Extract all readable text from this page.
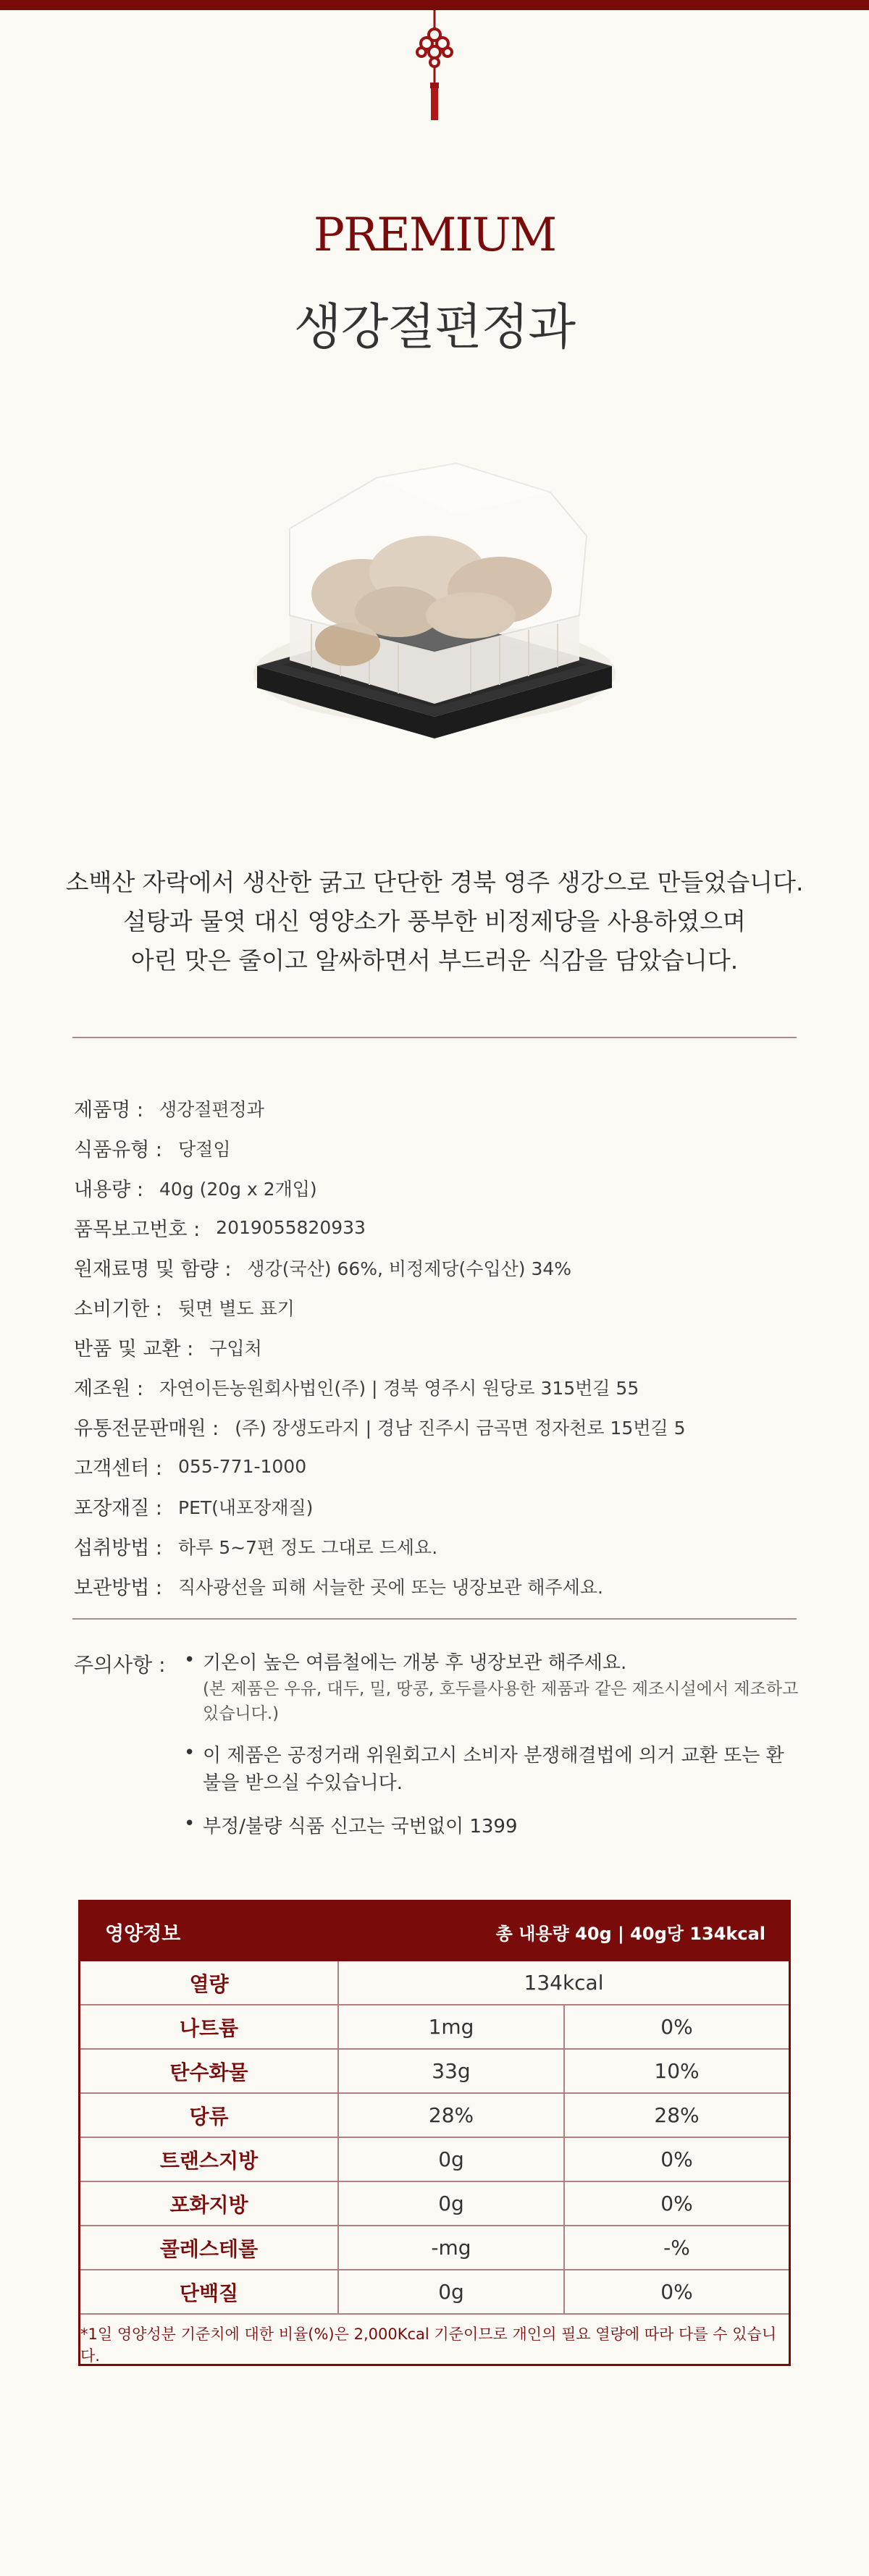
PREMIUM
생강절편정과
소백산 자락에서 생산한 굵고 단단한 경북 영주 생강으로 만들었습니다.
설탕과 물엿 대신 영양소가 풍부한 비정제당을 사용하였으며
아린 맛은 줄이고 알싸하면서 부드러운 식감을 담았습니다.
제품명 : 생강절편정과
식품유형 : 당절임
내용량 : 40g (20g x 2개입)
품목보고번호 : 2019055820933
원재료명 및 함량 : 생강(국산) 66%, 비정제당(수입산) 34%
소비기한 : 뒷면 별도 표기
반품 및 교환 : 구입처
제조원 : 자연이든농원회사법인(주) | 경북 영주시 원당로 315번길 55
유통전문판매원 : (주) 장생도라지 | 경남 진주시 금곡면 정자천로 15번길 5
고객센터 : 055-771-1000
포장재질 : PET(내포장재질)
섭취방법 : 하루 5~7편 정도 그대로 드세요.
보관방법 : 직사광선을 피해 서늘한 곳에 또는 냉장보관 해주세요.
주의사항 : • 기온이 높은 여름철에는 개봉 후 냉장보관 해주세요.
(본 제품은 우유, 대두, 밀, 땅콩, 호두를사용한 제품과 같은 제조시설에서 제조하고 있습니다.)
• 이 제품은 공정거래 위원회고시 소비자 분쟁해결법에 의거 교환 또는 환불을 받으실 수있습니다.
• 부정/불량 식품 신고는 국번없이 1399
영양정보	총 내용량 40g | 40g당 134kcal
열량	134kcal	
나트륨	1mg	0%
탄수화물	33g	10%
당류	28%	28%
트랜스지방	0g	0%
포화지방	0g	0%
콜레스테롤	-mg	-%
단백질	0g	0%
*1일 영양성분 기준치에 대한 비율(%)은 2,000Kcal 기준이므로 개인의 필요 열량에 따라 다를 수 있습니다.
